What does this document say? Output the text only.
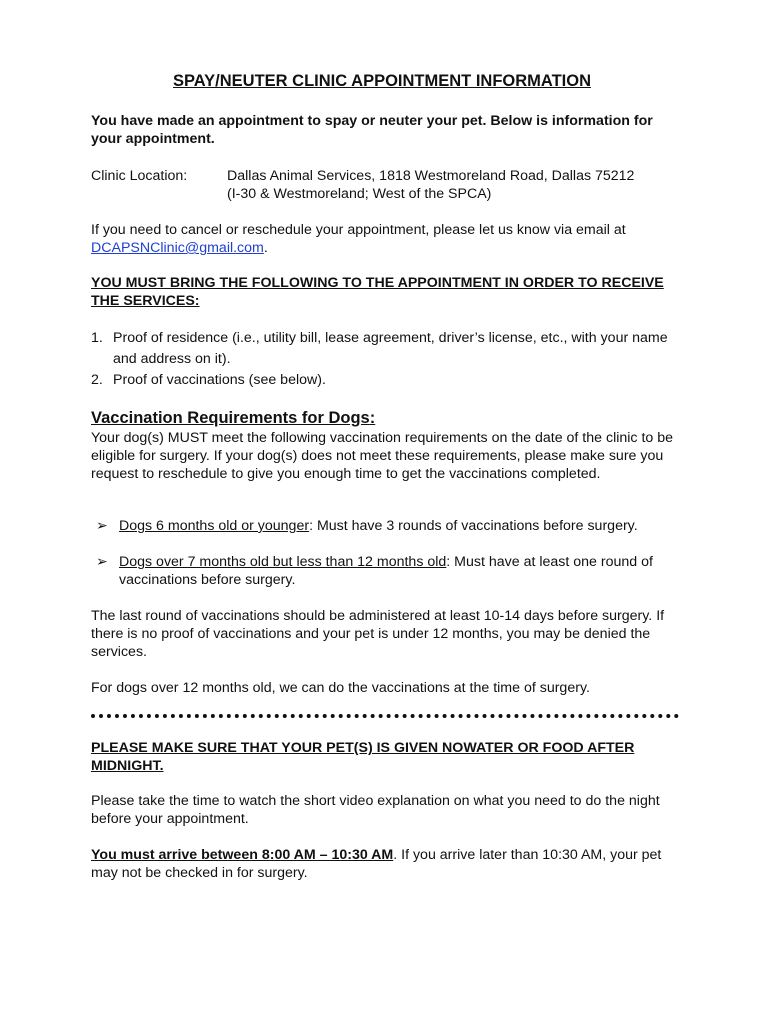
SPAY/NEUTER CLINIC APPOINTMENT INFORMATION
You have made an appointment to spay or neuter your pet. Below is information for your appointment.
Clinic Location:	Dallas Animal Services, 1818 Westmoreland Road, Dallas 75212
(I-30 & Westmoreland; West of the SPCA)
If you need to cancel or reschedule your appointment, please let us know via email at DCAPSNClinic@gmail.com.
YOU MUST BRING THE FOLLOWING TO THE APPOINTMENT IN ORDER TO RECEIVE THE SERVICES:
1. Proof of residence (i.e., utility bill, lease agreement, driver’s license, etc., with your name and address on it).
2. Proof of vaccinations (see below).
Vaccination Requirements for Dogs:
Your dog(s) MUST meet the following vaccination requirements on the date of the clinic to be eligible for surgery. If your dog(s) does not meet these requirements, please make sure you request to reschedule to give you enough time to get the vaccinations completed.
➢ Dogs 6 months old or younger: Must have 3 rounds of vaccinations before surgery.
➢ Dogs over 7 months old but less than 12 months old: Must have at least one round of vaccinations before surgery.
The last round of vaccinations should be administered at least 10-14 days before surgery. If there is no proof of vaccinations and your pet is under 12 months, you may be denied the services.
For dogs over 12 months old, we can do the vaccinations at the time of surgery.
PLEASE MAKE SURE THAT YOUR PET(S) IS GIVEN NOWATER OR FOOD AFTER MIDNIGHT.
Please take the time to watch the short video explanation on what you need to do the night before your appointment.
You must arrive between 8:00 AM – 10:30 AM. If you arrive later than 10:30 AM, your pet may not be checked in for surgery.
